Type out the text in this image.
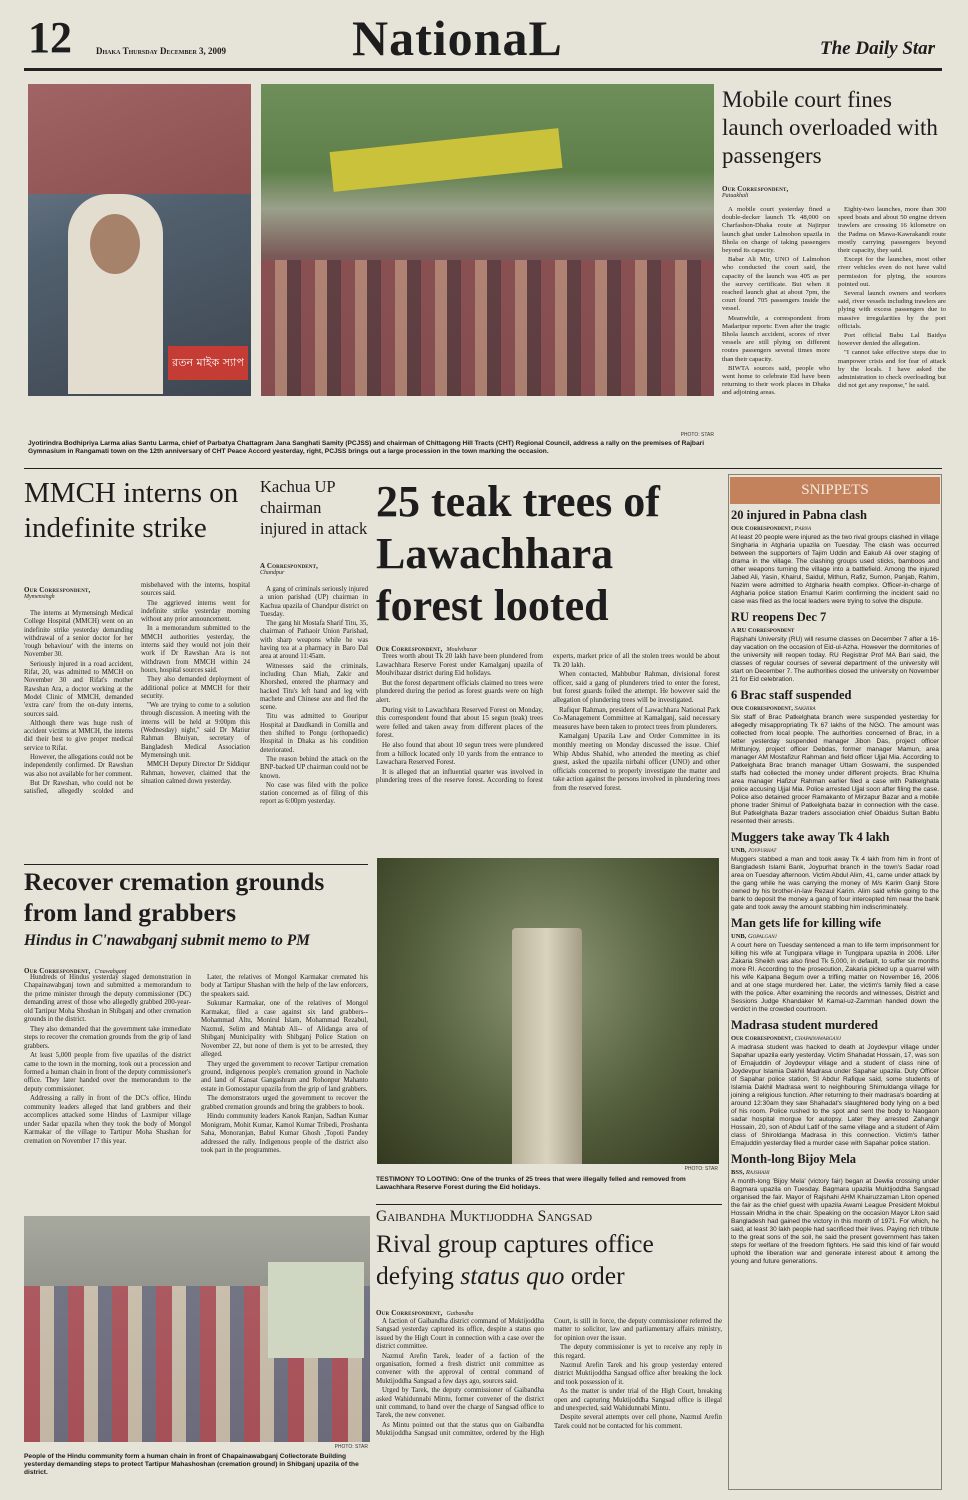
12	Dhaka Thursday December 3, 2009	NationaL	The Daily Star
রতন মাইক স্যাপ
PHOTO: STAR
Jyotirindra Bodhipriya Larma alias Santu Larma, chief of Parbatya Chattagram Jana Sanghati Samity (PCJSS) and chairman of Chittagong Hill Tracts (CHT) Regional Council, address a rally on the premises of Rajbari Gymnasium in Rangamati town on the 12th anniversary of CHT Peace Accord yesterday, right, PCJSS brings out a large procession in the town marking the occasion.
Mobile court fines launch overloaded with passengers
Our Correspondent,
Patuakhali

A mobile court yesterday fined a double-decker launch Tk 48,000 on Charfashon-Dhaka route at Najirpur launch ghat under Lalmohon upazila in Bhola on charge of taking passengers beyond its capacity.

Babar Ali Mir, UNO of Lalmohon who conducted the court said, the capacity of the launch was 405 as per the survey certificate. But when it reached launch ghat at about 7pm, the court found 705 passengers inside the vessel.

Meanwhile, a correspondent from Madaripur reports: Even after the tragic Bhola launch accident, scores of river vessels are still plying on different routes passengers several times more than their capacity.

BIWTA sources said, people who went home to celebrate Eid have been returning to their work places in Dhaka and adjoining areas.

Eighty-two launches, more than 300 speed boats and about 50 engine driven trawlers are crossing 16 kilometre on the Padma on Mawa-Kawrakandi route mostly carrying passengers beyond their capacity, they said.

Except for the launches, most other river vehicles even do not have valid permission for plying, the sources pointed out.

Several launch owners and workers said, river vessels including trawlers are plying with excess passengers due to massive irregularities by the port officials.

Port official Babu Lal Baidya however denied the allegation.

"I cannot take effective steps due to manpower crisis and for fear of attack by the locals. I have asked the administration to check overloading but did not get any response," he said.

MMCH interns on indefinite strike
Our Correspondent,
Mymensingh

The interns at Mymensingh Medical College Hospital (MMCH) went on an indefinite strike yesterday demanding withdrawal of a senior doctor for her 'rough behaviour' with the interns on November 30.

Seriously injured in a road accident, Rifat, 20, was admitted to MMCH on November 30 and Rifat's mother Rawshan Ara, a doctor working at the Model Clinic of MMCH, demanded 'extra care' from the on-duty interns, sources said.

Although there was huge rush of accident victims at MMCH, the interns did their best to give proper medical service to Rifat.

However, the allegations could not be independently confirmed. Dr Rawshan was also not available for her comment.

But Dr Rawshan, who could not be satisfied, allegedly scolded and misbehaved with the interns, hospital sources said.

The aggrieved interns went for indefinite strike yesterday morning without any prior announcement.

In a memorandum submitted to the MMCH authorities yesterday, the interns said they would not join their work if Dr Rawshan Ara is not withdrawn from MMCH within 24 hours, hospital sources said.

They also demanded deployment of additional police at MMCH for their security.

"We are trying to come to a solution through discussion. A meeting with the interns will be held at 9:00pm this (Wednesday) night," said Dr Matiur Rahman Bhuiyan, secretary of Bangladesh Medical Association Mymensingh unit.

MMCH Deputy Director Dr Siddiqur Rahman, however, claimed that the situation calmed down yesterday.

Kachua UP chairman injured in attack
A Correspondent,
Chandpur

A gang of criminals seriously injured a union parishad (UP) chairman in Kachua upazila of Chandpur district on Tuesday.

The gang hit Mostafa Sharif Titu, 35, chairman of Pathaoir Union Parishad, with sharp weapons while he was having tea at a pharmacy in Baro Dal area at around 11:45am.

Witnesses said the criminals, including Chan Miah, Zakir and Khorshed, entered the pharmacy and hacked Titu's left hand and leg with machete and Chinese axe and fled the scene.

Titu was admitted to Gouripur Hospital at Daudkandi in Comilla and then shifted to Pongu (orthopaedic) Hospital in Dhaka as his condition deteriorated.

The reason behind the attack on the BNP-backed UP chairman could not be known.

No case was filed with the police station concerned as of filing of this report as 6:00pm yesterday.

25 teak trees of Lawachhara forest looted
Our Correspondent, Moulvibazar

Trees worth about Tk 20 lakh have been plundered from Lawachhara Reserve Forest under Kamalganj upazila of Moulvibazar district during Eid holidays.

But the forest department officials claimed no trees were plundered during the period as forest guards were on high alert.

During visit to Lawachhara Reserved Forest on Monday, this correspondent found that about 15 segun (teak) trees were felled and taken away from different places of the forest.

He also found that about 10 segun trees were plundered from a hillock located only 10 yards from the entrance to Lawachara Reserved Forest.

It is alleged that an influential quarter was involved in plundering trees of the reserve forest. According to forest experts, market price of all the stolen trees would be about Tk 20 lakh.

When contacted, Mahbubur Rahman, divisional forest officer, said a gang of plunderers tried to enter the forest, but forest guards foiled the attempt. He however said the allegation of plundering trees will be investigated.

Rafiqur Rahman, president of Lawachhara National Park Co-Management Committee at Kamalganj, said necessary measures have been taken to protect trees from plunderers.

Kamalganj Upazila Law and Order Committee in its monthly meeting on Monday discussed the issue. Chief Whip Abdus Shahid, who attended the meeting as chief guest, asked the upazila nirbahi officer (UNO) and other officials concerned to properly investigate the matter and take action against the persons involved in plundering trees from the reserved forest.

PHOTO: STAR
TESTIMONY TO LOOTING: One of the trunks of 25 trees that were illegally felled and removed from Lawachhara Reserve Forest during the Eid holidays.
Recover cremation grounds from land grabbers
Hindus in C'nawabganj submit memo to PM
Our Correspondent, C'nawabganj

Hundreds of Hindus yesterday staged demonstration in Chapainawabganj town and submitted a memorandum to the prime minister through the deputy commissioner (DC) demanding arrest of those who allegedly grabbed 200-year-old Tartipur Moha Shoshan in Shibganj and other cremation grounds in the district.

They also demanded that the government take immediate steps to recover the cremation grounds from the grip of land grabbers.

At least 5,000 people from five upazilas of the district came to the town in the morning, took out a procession and formed a human chain in front of the deputy commissioner's office. They later handed over the memorandum to the deputy commissioner.

Addressing a rally in front of the DC's office, Hindu community leaders alleged that land grabbers and their accomplices attacked some Hindus of Laxmipur village under Sadar upazila when they took the body of Mongol Karmakar of the village to Tartipur Moha Shashan for cremation on November 17 this year.

Later, the relatives of Mongol Karmakar cremated his body at Tartipur Shashan with the help of the law enforcers, the speakers said.

Sukumar Karmakar, one of the relatives of Mongol Karmakar, filed a case against six land grabbers--Mohammad Altu, Monirul Islam, Mohammad Rezabul, Nazmul, Selim and Mahtab Ali-- of Alidanga area of Shibganj Municipality with Shibganj Police Station on November 22, but none of them is yet to be arrested, they alleged.

They urged the government to recover Tartipur cremation ground, indigenous people's cremation ground in Nachole and land of Kansat Gangashram and Rohonpur Mahanto estate in Gomostapur upazila from the grip of land grabbers.

The demonstrators urged the government to recover the grabbed cremation grounds and bring the grabbers to book.

Hindu community leaders Kanok Ranjan, Sadhan Kumar Monigram, Mohit Kumar, Kamol Kumar Tribedi, Proshanta Saha, Monoranjan, Babul Kumar Ghosh ,Topoti Pandey addressed the rally. Indigenous people of the district also took part in the programmes.

PHOTO: STAR
People of the Hindu community form a human chain in front of Chapainawabganj Collectorate Building yesterday demanding steps to protect Tartipur Mahashoshan (cremation ground) in Shibganj upazila of the district.
Gaibandha Muktijoddha Sangsad
Rival group captures office defying status quo order
Our Correspondent, Gaibandha

A faction of Gaibandha district command of Muktijoddha Sangsad yesterday captured its office, despite a status quo issued by the High Court in connection with a case over the district committee.

Nazmul Arefin Tarek, leader of a faction of the organisation, formed a fresh district unit committee as convener with the approval of central command of Muktijoddha Sangsad a few days ago, sources said.

Urged by Tarek, the deputy commissioner of Gaibandha asked Wahidunnabi Mintu, former convener of the district unit command, to hand over the charge of Sangsad office to Tarek, the new convener.

As Mintu pointed out that the status quo on Gaibandha Muktijoddha Sangsad unit committee, ordered by the High Court, is still in force, the deputy commissioner referred the matter to solicitor, law and parliamentary affairs ministry, for opinion over the issue.

The deputy commissioner is yet to receive any reply in this regard.

Nazmul Arefin Tarek and his group yesterday entered district Muktijoddha Sangsad office after breaking the lock and took possession of it.

As the matter is under trial of the High Court, breaking open and capturing Muktijoddha Sangsad office is illegal and unexpected, said Wahidunnabi Mintu.

Despite several attempts over cell phone, Nazmul Arefin Tarek could not be contacted for his comment.

SNIPPETS
20 injured in Pabna clash
Our Correspondent, Pabna
At least 20 people were injured as the two rival groups clashed in village Singharia in Atgharia upazila on Tuesday. The clash was occurred between the supporters of Tajim Uddin and Eakub Ali over staging of drama in the village. The clashing groups used sticks, bamboos and other weapons turning the village into a battlefield. Among the injured Jabed Ali, Yasin, Khairul, Saidul, Mithun, Rafiz, Sumon, Panjab, Rahim, Nazim were admitted to Atgharia health complex. Officer-in-charge of Atgharia police station Enamul Karim confirming the incident said no case was filed as the local leaders were trying to solve the dispute.
RU reopens Dec 7
A RU Correspondent
Rajshahi University (RU) will resume classes on December 7 after a 16-day vacation on the occasion of Eid-ul-Azha. However the dormitories of the university will reopen today. RU Registrar Prof MA Bari said, the classes of regular courses of several department of the university will start on December 7. The authorities closed the university on November 21 for Eid celebration.
6 Brac staff suspended
Our Correspondent, Sakhira
Six staff of Brac Patkelghata branch were suspended yesterday for allegedly misappropriating Tk 67 lakhs of the NGO. The amount was collected from local people. The authorities concerned of Brac, in a letter yesterday suspended manager Jibon Das, project officer Mrittunjoy, project officer Debdas, former manager Mamun, area manager AM Mostafizur Rahman and field officer Ujjal Mia. According to Patkelghata Brac branch manager Uttam Goswami, the suspended staffs had collected the money under different projects. Brac Khulna area manager Hafizur Rahman earlier filed a case with Patkelghata police accusing Ujjal Mia. Police arrested Ujjal soon after filing the case. Police also detained grocer Ramakanto of Mirzapur Bazar and a mobile phone trader Shimul of Patkelghata bazar in connection with the case. But Patkelghata Bazar traders association chief Obaidus Sultan Bablu resented their arrests.
Muggers take away Tk 4 lakh
UNB, Joypurhat
Muggers stabbed a man and took away Tk 4 lakh from him in front of Bangladesh Islami Bank, Joypurhat branch in the town's Sadar road area on Tuesday afternoon. Victim Abdul Alim, 41, came under attack by the gang while he was carrying the money of M/s Karim Ganji Store owned by his brother-in-law Rezaul Karim. Alim said while going to the bank to deposit the money a gang of four intercepted him near the bank gate and took away the amount stabbing him indiscriminately.
Man gets life for killing wife
UNB, Gopalganj
A court here on Tuesday sentenced a man to life term imprisonment for killing his wife at Tungipara village in Tungipara upazila in 2006. Lifer Zakaria Sheikh was also fined Tk 5,000, in default, to suffer six months more RI. According to the prosecution, Zakaria picked up a quarrel with his wife Kalpana Begum over a trifling matter on November 16, 2006 and at one stage murdered her. Later, the victim's family filed a case with the police. After examining the records and witnesses, District and Sessions Judge Khandaker M Kamal-uz-Zamman handed down the verdict in the crowded courtroom.
Madrasa student murdered
Our Correspondent, Chapainawabganj
A madrasa student was hacked to death at Joydevpur village under Sapahar upazila early yesterday. Victim Shahadat Hossain, 17, was son of Emajuddin of Joydevpur village and a student of class nine of Joydevpur Islamia Dakhil Madrasa under Sapahar upazila. Duty Officer of Sapahar police station, SI Abdur Rafique said, some students of Islamia Dakhil Madrasa went to neighbouring Shimuldanga village for joining a religious function. After returning to their madrasa's boarding at around 12:30am they saw Shahadat's slaughtered body lying on a bed of his room. Police rushed to the spot and sent the body to Naogaon sadar hospital morgue for autopsy. Later they arrested Zahangir Hossain, 20, son of Abdul Latif of the same village and a student of Alim class of Shiroldanga Madrasa in this connection. Victim's father Emajuddin yesterday filed a murder case with Sapahar police station.
Month-long Bijoy Mela
BSS, Rajshahi
A month-long 'Bijoy Mela' (victory fair) began at Dewlia crossing under Bagmara upazila on Tuesday. Bagmara upazila Muktijoddha Sangsad organised the fair. Mayor of Rajshahi AHM Khairuzzaman Liton opened the fair as the chief guest with upazila Awami League President Mokbul Hossain Mridha in the chair. Speaking on the occasion Mayor Liton said Bangladesh had gained the victory in this month of 1971. For which, he said, at least 30 lakh people had sacrificed their lives. Paying rich tribute to the great sons of the soil, he said the present government has taken steps for welfare of the freedom fighters. He said this kind of fair would uphold the liberation war and generate interest about it among the young and future generations.
